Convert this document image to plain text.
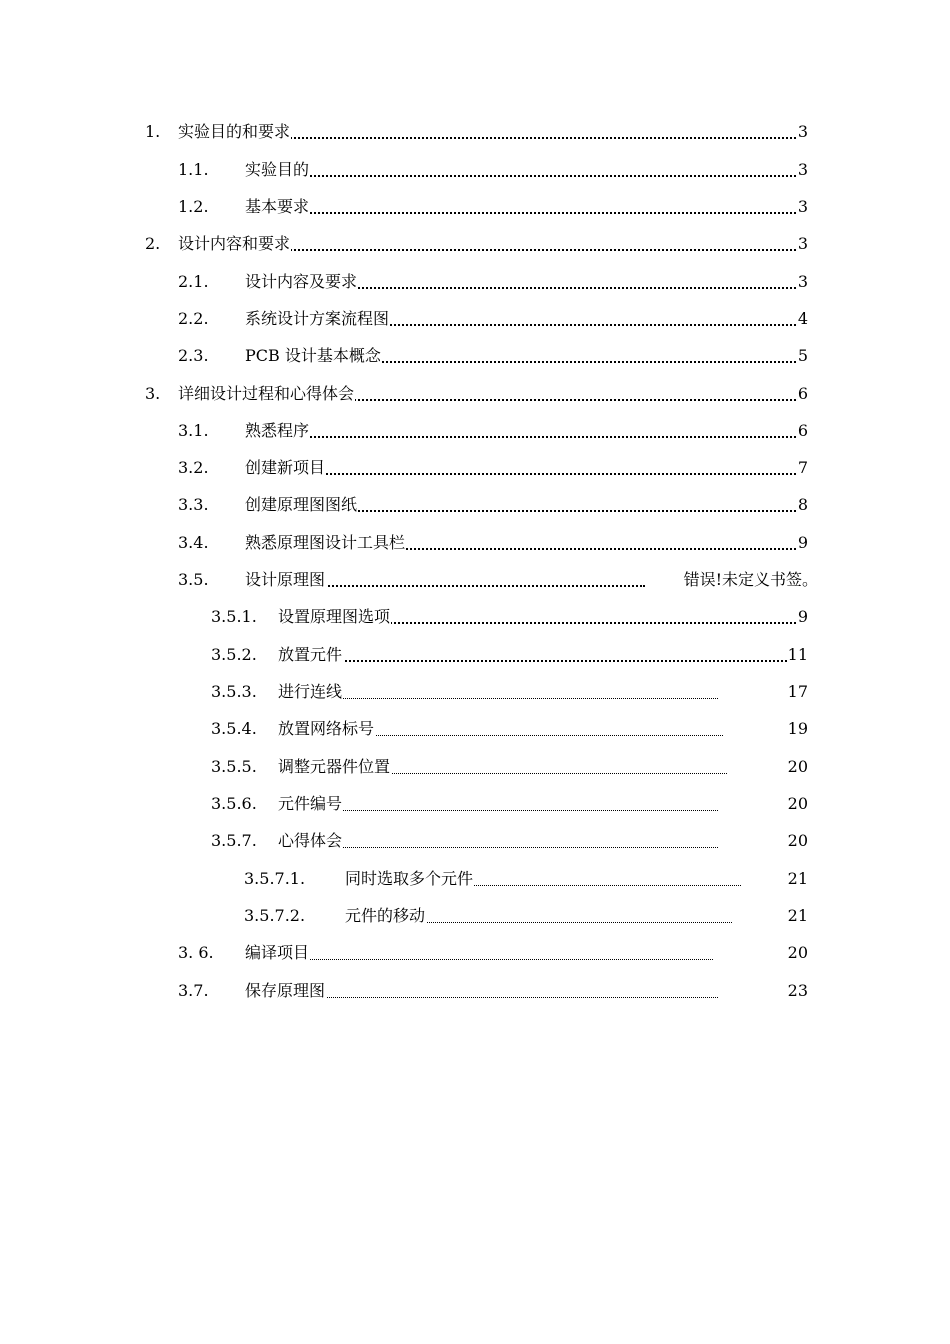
1. 实验目的和要求	3
1.1. 实验目的	3
1.2. 基本要求	3
2. 设计内容和要求	3
2.1. 设计内容及要求	3
2.2. 系统设计方案流程图	4
2.3. PCB 设计基本概念	5
3. 详细设计过程和心得体会	6
3.1. 熟悉程序	6
3.2. 创建新项目	7
3.3. 创建原理图图纸	8
3.4. 熟悉原理图设计工具栏	9
3.5. 设计原理图	错误!未定义书签。
3.5.1. 设置原理图选项	9
3.5.2. 放置元件	11
3.5.3. 进行连线	17
3.5.4. 放置网络标号	19
3.5.5. 调整元器件位置	20
3.5.6. 元件编号	20
3.5.7. 心得体会	20
3.5.7.1. 同时选取多个元件	21
3.5.7.2. 元件的移动	21
3. 6. 编译项目	20
3.7. 保存原理图	23
